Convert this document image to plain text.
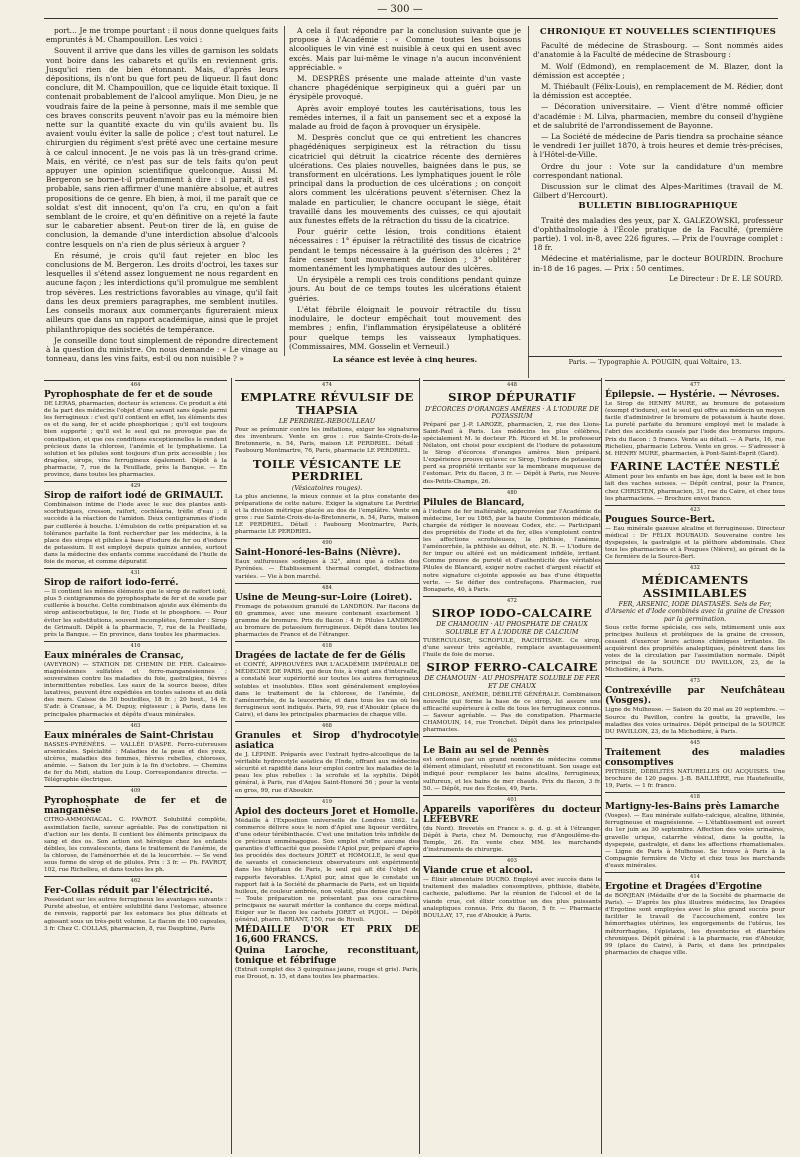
— 300 —

port… Je me trompe pourtant : il nous donne quelques faits empruntés à M. Champouillon. Les voici :

Souvent il arrive que dans les villes de garnison les soldats vont boire dans les cabarets et qu'ils en reviennent gris. Jusqu'ici rien de bien étonnant. Mais, d'après leurs dépositions, ils n'ont bu que fort peu de liqueur. Il faut donc conclure, dit M. Champouillon, que ce liquide était toxique. Il contenait probablement de l'alcool amylique. Mon Dieu, je ne voudrais faire de la peine à personne, mais il me semble que ces braves conscrits peuvent n'avoir pas eu la mémoire bien nette sur la quantité exacte du vin qu'ils avaient bu. Ils avaient voulu éviter la salle de police ; c'est tout naturel. Le chirurgien du régiment s'est prêté avec une certaine mesure à ce calcul innocent. Je ne vois pas là un très-grand crime. Mais, en vérité, ce n'est pas sur de tels faits qu'on peut appuyer une opinion scientifique quelconque. Aussi M. Bergeron se borne-t-il prudemment à dire : il paraît, il est probable, sans rien affirmer d'une manière absolue, et autres propositions de ce genre. Eh bien, à moi, il me paraît que ce soldat s'est dit innocent, qu'on l'a cru, en qu'on a fait semblant de le croire, et qu'en définitive on a rejeté la faute sur le cabaretier absent. Peut-on tirer de là, en guise de conclusion, la demande d'une interdiction absolue d'alcools contre lesquels on n'a rien de plus sérieux à arguer ?

En résumé, je crois qu'il faut rejeter en bloc les conclusions de M. Bergeron. Les droits d'octroi, les taxes sur lesquelles il s'étend assez longuement ne nous regardent en aucune façon ; les interdictions qu'il promulgue me semblent trop sévères. Les restrictions favorables au vinage, qu'il fait dans les deux premiers paragraphes, me semblent inutiles. Les conseils moraux aux commerçants figureraient mieux ailleurs que dans un rapport académique, ainsi que le projet philanthropique des sociétés de tempérance.

Je conseille donc tout simplement de répondre directement à la question du ministre. On nous demande : « Le vinage au tonneau, dans les vins faits, est-il ou non nuisible ? »

A cela il faut répondre par la conclusion suivante que je propose à l'Académie : « Comme toutes les boissons alcooliques le vin viné est nuisible à ceux qui en usent avec excès. Mais par lui-même le vinage n'a aucun inconvénient appréciable. »

M. DESPRÈS présente une malade atteinte d'un vaste chancre phagédénique serpigineux qui a guéri par un érysipèle provoqué.

Après avoir employé toutes les cautérisations, tous les remèdes internes, il a fait un pansement sec et a exposé la malade au froid de façon à provoquer un érysipèle.

M. Desprès conclut que ce qui entretient les chancres phagédéniques serpigineux est la rétraction du tissu cicatriciel qui détruit la cicatrice récente des dernières ulcérations. Ces plaies nouvelles, baignées dans le pus, se transforment en ulcérations. Les lymphatiques jouent le rôle principal dans la production de ces ulcérations ; on conçoit alors comment les ulcérations peuvent s'éterniser. Chez la malade en particulier, le chancre occupant le siège, était travaillé dans les mouvements des cuisses, ce qui ajoutait aux funestes effets de la rétraction du tissu de la cicatrice.

Pour guérir cette lésion, trois conditions étaient nécessaires : 1° épuiser la rétractilité des tissus de cicatrice pendant le temps nécessaire à la guérison des ulcères ; 2° faire cesser tout mouvement de flexion ; 3° oblitérer momentanément les lymphatiques autour des ulcères.

Un érysipèle a rempli ces trois conditions pendant quinze jours. Au bout de ce temps toutes les ulcérations étaient guéries.

L'état fébrile éloignait le pouvoir rétractile du tissu inodulaire, le docteur empêchait tout mouvement des membres ; enfin, l'inflammation érysipélateuse a oblitéré pour quelque temps les vaisseaux lymphatiques. (Commissaires, MM. Gosselin et Verneuil.)

La séance est levée à cinq heures.
CHRONIQUE ET NOUVELLES SCIENTIFIQUES

Faculté de médecine de Strasbourg. — Sont nommés aides d'anatomie à la Faculté de médecine de Strasbourg :

M. Wolf (Edmond), en remplacement de M. Blazer, dont la démission est acceptée ;

M. Thiébault (Félix-Louis), en remplacement de M. Rédier, dont la démission est acceptée.

— Décoration universitaire. — Vient d'être nommé officier d'académie : M. Lilva, pharmacien, membre du conseil d'hygiène et de salubrité de l'arrondissement de Bayonne.

— La Société de médecine de Paris tiendra sa prochaine séance le vendredi 1er juillet 1870, à trois heures et demie très-précises, à l'Hôtel-de-Ville.

Ordre du jour : Vote sur la candidature d'un membre correspondant national.

Discussion sur le climat des Alpes-Maritimes (travail de M. Gilbert d'Hercourt).

BULLETIN BIBLIOGRAPHIQUE

Traité des maladies des yeux, par X. GALEZOWSKI, professeur d'ophthalmologie à l'École pratique de la Faculté, (première partie). 1 vol. in-8, avec 226 figures. — Prix de l'ouvrage complet : 18 fr.

Médecine et matérialisme, par le docteur BOURDIN. Brochure in-18 de 16 pages. — Prix : 50 centimes.

Le Directeur : Dr E. LE SOURD.
Paris. — Typographie A. POUGIN, quai Voltaire, 13.
464
Pyrophosphate de fer et de soude
DE LERAS, pharmacien, docteur ès sciences. Ce produit a été de la part des médecins l'objet d'une savant sans égale parmi les ferrugineux : c'est qu'il contient en effet, les éléments des os et du sang, fer et acide phosphorique ; qu'il est toujours bien supporté ; qu'il est le seul qui ne provoque pas de constipation, et que ces conditions exceptionnelles le rendent précieux dans la chlorose, l'anémie et le lymphatisme. La solution et les pilules sont toujours d'un prix accessible ; les dragées, sirops, vins ferrugineux également. Dépôt à la pharmacie, 7, rue de la Feuillade, près la Banque. — En province, dans toutes les pharmacies.
429
Sirop de raifort iodé de GRIMAULT.
Combinaison intime de l'iode avec le suc des plantes anti-scorbutiques, cresson, raifort, cochléaria, trèfle d'eau ; il succède à la réaction de l'amidon. Deux centigrammes d'iode par cuillerée à bouche. L'émulsion de cette préparation et sa tolérance parfaite la font rechercher par les médecins, à la place des sirops et pilules à base d'iodure de fer ou d'iodure de potassium. Il est employé depuis quinze années, surtout dans la médecine des enfants comme succédané de l'huile de foie de morue, et comme dépuratif.
431
Sirop de raifort iodo-ferré.
— Il contient les mêmes éléments que le sirop de raifort iodé, plus 5 centigrammes de pyrophosphate de fer et de soude par cuillerée à bouche. Cette combinaison ajoute aux éléments du sirop antiscorbutique, le fer, l'iode et le phosphore. — Pour éviter les substitutions, souvent incomplètes, formuler : Sirop de Grimault. Dépôt à la pharmacie, 7, rue de la Feuillade, près la Banque. — En province, dans toutes les pharmacies.
416
Eaux minérales de Cransac,
(AVEYRON) — STATION DE CHEMIN DE FER. Calcaires-magnésiennes sulfatées et ferro-manganésiennes ; souveraines contre les maladies du foie, gastralgies, fièvres intermittentes rebelles. Les eaux de la source basse, dites laxatives, peuvent être expédiées en toutes saisons et au delà des mers. Caisse de 30 bouteilles, 18 fr. ; 20 bout., 14 fr. S'adr. à Cransac, à M. Dupuy, régisseur ; à Paris, dans les principales pharmacies et dépôts d'eaux minérales.
463
Eaux minérales de Saint-Christau
BASSES-PYRÉNÉES. — VALLÉE D'ASPE. Ferro-cuivreuses arsenicales. Spécialité : Maladies de la peau et des yeux, ulcères, maladies des femmes, fièvres rebelles, chloroses, anémie. — Saison du 1er juin à la fin d'octobre. — Chemins de fer du Midi, station du Loup. Correspondance directe. — Télégraphie électrique.
409
Pyrophosphate de fer et de manganèse
CITRO-AMMONIACAL. C. FAVROT. Solubilité complète, assimilation facile, saveur agréable. Pas de constipation ni d'action sur les dents. Il contient les éléments principaux du sang et des os. Son action est héroïque chez les enfants débiles, les convalescents, dans le traitement de l'anémie, de la chlorose, de l'aménorrhée et de la leucorrhée. — Se vend sous forme de sirop et de pilules. Prix : 3 fr. — Ph. FAVROT, 102, rue Richelieu, et dans toutes les ph.
462
Fer-Collas réduit par l'électricité.
Possédant sur les autres ferrugineux les avantages suivants : Pureté absolue, et entière solubilité dans l'estomac, absence de renvois, rapporté par les estomacs les plus délicats et agissant sous un très-petit volume. Le flacon de 100 capsules, 3 fr. Chez C. COLLAS, pharmacien, 8, rue Dauphine, Paris
474
EMPLATRE RÉVULSIF DE THAPSIA
LE PERDRIEL-REBOULLEAU
Pour se prémunir contre les imitations, exiger les signatures des inventeurs. Vente en gros : rue Sainte-Croix-de-la-Bretonnerie, n. 54, Paris, maison LE PERDRIEL. Détail : Faubourg Montmartre, 76, Paris, pharmacie LE PERDRIEL.
TOILE VÉSICANTE LE PERDRIEL
(Vésicatoires rouges).
La plus ancienne, la mieux connue et la plus constante des préparations de cette nature. Exiger la signature Le Perdriel et la division métrique placée au dos de l'emplâtre. Vente en gros : rue Sainte-Croix-de-la-Bretonnerie, n. 54, Paris, maison LE PERDRIEL. Détail : Faubourg Montmartre, Paris, pharmacie LE PERDRIEL.
490
Saint-Honoré-les-Bains (Nièvre).
Eaux sulfureuses sodiques à 32°, ainsi que à celles des Pyrénées. — Établissement thermal complet, distractions variées. — Vie à bon marché.
484
Usine de Meung-sur-Loire (Loiret).
Fromage de potassium granulé de LANDRON. Par flacons de 60 grammes, avec une mesure contenant exactement 1 gramme de bromure. Prix du flacon : 4 fr. Pilules LANDRON au bromure de potassium ferrugineux. Dépôt dans toutes les pharmacies de France et de l'étranger.
418
Dragées de lactate de fer de Gélis
et CONTÉ, APPROUVÉES PAR L'ACADÉMIE IMPÉRIALE DE MÉDECINE DE PARIS, qui deux fois, à vingt ans d'intervalle, a constaté leur supériorité sur toutes les autres ferrugineux solubles et insolubles. Elles sont généralement employées dans le traitement de la chlorose, de l'anémie, de l'aménorrhée, de la leucorrhée, et dans tous les cas où les ferrugineux sont indiqués. Paris, 99, rue d'Aboukir (place du Caire), et dans les principales pharmacies de chaque ville.
468
Granules et Sirop d'hydrocotyle asiatica
de J. LÉPINE. Préparés avec l'extrait hydro-alcoolique de la véritable hydrocotyle asiatica de l'Inde, offrant aux médecins sécurité et rapidité dans leur emploi contre les maladies de la peau les plus rebelles : la scrofule et la syphilis. Dépôt général, à Paris, rue d'Anjou Saint-Honoré 56 ; pour la vente en gros, 99, rue d'Aboukir.
419
Apiol des docteurs Joret et Homolle.
Médaille à l'Exposition universelle de Londres 1862. Le commerce délivre sous le nom d'Apiol une liqueur verdâtre, d'une odeur térébinthacée. C'est une imitation très infidèle de ce précieux emménagogue. Son emploi n'offre aucune des garanties d'efficacité que possède l'Apiol pur, préparé d'après les procédés des docteurs JORET et HOMOLLE, le seul que de savants et consciencieux observateurs ont expérimenté dans les hôpitaux de Paris, le seul qui ait été l'objet de rapports favorables. L'Apiol pur, ainsi que le constate un rapport fait à la Société de pharmacie de Paris, est un liquide huileux, de couleur ambrée, non volatil, plus dense que l'eau. — Toute préparation ne présentant pas ces caractères principaux ne saurait mériter la confiance du corps médical. Exiger sur le flacon les cachets JORET et PUJOL. — Dépôt général, pharm. BRIANT, 150, rue de Rivoli.
MÉDAILLE D'OR ET PRIX DE 16,600 FRANCS.
Quina Laroche, reconstituant, tonique et fébrifuge
(Extrait complet des 3 quinquinas jaune, rouge et gris). Paris, rue Drouot, n. 15, et dans toutes les pharmacies.
448
SIROP DÉPURATIF
D'ÉCORCES D'ORANGES AMÈRES · À L'IODURE DE POTASSIUM
Préparé par J.-P. LAROZE, pharmacien, 2, rue des Lions-Saint-Paul à Paris. Les médecins les plus célèbres, spécialement M. le docteur Ph. Ricord et M. le professeur Nélaton, ont choisi pour excipient de l'iodure de potassium le Sirop d'écorces d'oranges amères bien préparé. L'expérience prouve qu'avec ce Sirop, l'iodure de potassium perd sa propriété irritante sur la membrane muqueuse de l'estomac. Prix du flacon, 3 fr. — Dépôt à Paris, rue Neuve-des-Petits-Champs, 26.
480
Pilules de Blancard,
à l'iodure de fer inaltérable, approuvées par l'Académie de médecine, 1er ou 1865, par la haute Commission médicale, chargée de rédiger le nouveau Codex, etc. — Participant des propriétés de l'iode et du fer, elles s'emploient contre les affections scrofuleuses, la phthisie, l'anémie, l'aménorrhée, la phthisie au début, etc. N. B. — L'iodure de fer impur ou altéré est un médicament infidèle, irritant. Comme preuve de pureté et d'authenticité des véritables Pilules de Blancard, exiger notre cachet d'argent réactif et notre signature ci-jointe apposée au bas d'une étiquette verte. — Se défier des contrefaçons. Pharmacien, rue Bonaparte, 40, à Paris.
472
SIROP IODO-CALCAIRE
DE CHAMOUIN · AU PHOSPHATE DE CHAUX SOLUBLE ET A L'IODURE DE CALCIUM
TUBERCULOSE, SCROFULE, RACHITISME. Ce sirop, d'une saveur très agréable, remplace avantageusement l'huile de foie de morue.
SIROP FERRO-CALCAIRE
DE CHAMOUIN · AU PHOSPHATE SOLUBLE DE FER ET DE CHAUX
CHLOROSE, ANÉMIE, DÉBILITÉ GÉNÉRALE. Combinaison nouvelle qui forme la base de ce sirop, lui assure une efficacité supérieure à celle de tous les ferrugineux connus. — Saveur agréable. — Pas de constipation. Pharmacie CHAMOUIN, 14, rue Tronchet. Dépôt dans les principales pharmacies.
463
Le Bain au sel de Pennès
est ordonné par un grand nombre de médecins comme élément stimulant, résolutif et reconstituant. Son usage est indiqué pour remplacer les bains alcalins, ferrugineux, sulfureux, et les bains de mer chauds. Prix du flacon, 3 fr. 50. — Dépôt, rue des Écoles, 49, Paris.
401
Appareils vaporifères du docteur LEFEBVRE
(du Nord). Brevetés en France s. g. d. g. et à l'étranger. Dépôt à Paris, chez M. Demouchy, rue d'Angoulême-du-Temple, 26. En vente chez MM. les marchands d'instruments de chirurgie.
403
Viande crue et alcool.
— Élixir alimentaire DUCRO. Employé avec succès dans le traitement des maladies consomptives, phthisie, diabète, cachexie, paludisme. Par la réunion de l'alcool et de la viande crue, cet élixir constitue un des plus puissants analeptiques connus. Prix du flacon, 5 fr. — Pharmacie BOULLAY, 17, rue d'Aboukir, à Paris.
477
Épilepsie. — Hystérie. — Névroses.
Le Sirop de HENRY MURE, au bromure de potassium (exempt d'iodure), est le seul qui offre au médecin un moyen facile d'administrer le bromure de potassium à haute dose. La pureté parfaite du bromure employé met le malade à l'abri des accidents causés par l'iode des bromures impurs. Prix du flacon : 5 francs. Vente au détail. — A Paris, 16, rue Richelieu, pharmacie Lebrou. Vente en gros. — S'adresser à M. HENRY MURE, pharmacien, à Pont-Saint-Esprit (Gard).
FARINE LACTÉE NESTLÉ
Aliment pour les enfants en bas âge, dont la base est le bon lait des vaches suisses. — Dépôt central, pour la France, chez CHRISTEN, pharmacien, 31, rue du Caire, et chez tous les pharmaciens. — Brochure envoi franco.
423
Pougues Source-Bert.
— Eau minérale gazeuse alcaline et ferrugineuse. Directeur médical : Dr FÉLIX ROUBAUD. Souveraine contre les dyspepsies, la gastralgie et la pléthore abdominale. Chez tous les pharmaciens et à Pougues (Nièvre), au gérant de la Ce fermière de la Source-Bert.
432
MÉDICAMENTS ASSIMILABLES
FER, ARSENIC, IODE DIASTASÉS. Sels de Fer, d'Arsenic et d'Iode combinés avec la graine de Cresson par la germination.
Sous cette forme spéciale, ces sels, intimement unis aux principes huileux et protéiques de la graine de cresson, cessent d'exercer leurs actions chimiques irritantes. Ils acquièrent des propriétés analeptiques, pénètrent dans les voies de la circulation par l'assimilation normale. Dépôt principal de la SOURCE DU PAVILLON, 23, de la Michodière, à Paris.
473
Contrexéville par Neufchâteau (Vosges).
Ligne de Mulhouse. — Saison du 20 mai au 20 septembre. — Source du Pavillon, contre la goutte, la gravelle, les maladies des voies urinaires. Dépôt principal de la SOURCE DU PAVILLON, 23, de la Michodière, à Paris.
445
Traitement des maladies consomptives
PHTHISIE, DÉBILITÉS NATURELLES OU ACQUISES. Une brochure de 120 pages. J.-B. BAILLIÈRE, rue Hautefeuille, 19, Paris. — 1 fr. franco.
418
Martigny-les-Bains près Lamarche
(Vosges). — Eau minérale sulfato-calcique, alcaline, lithinée, ferrugineuse et magnésienne. — L'établissement est ouvert du 1er juin au 30 septembre. Affection des voies urinaires, gravelle urique, catarrhe vésical, dans la goutte, la dyspepsie, gastralgie, et dans les affections rhumatismales. — Ligne de Paris à Mulhouse. Se trouve à Paris à la Compagnie fermière de Vichy et chez tous les marchands d'eaux minérales.
414
Ergotine et Dragées d'Ergotine
de BONJEAN (Médaille d'or de la Société de pharmacie de Paris). — D'après les plus illustres médecins, les Dragées d'Ergotine sont employées avec le plus grand succès pour faciliter le travail de l'accouchement, contre les hémorrhagies utérines, les engorgements de l'utérus, les métrorrhagies, l'épistaxis, les dysenteries et diarrhées chroniques. Dépôt général : à la pharmacie, rue d'Aboukir, 99 (place du Caire), à Paris, et dans les principales pharmacies de chaque ville.
